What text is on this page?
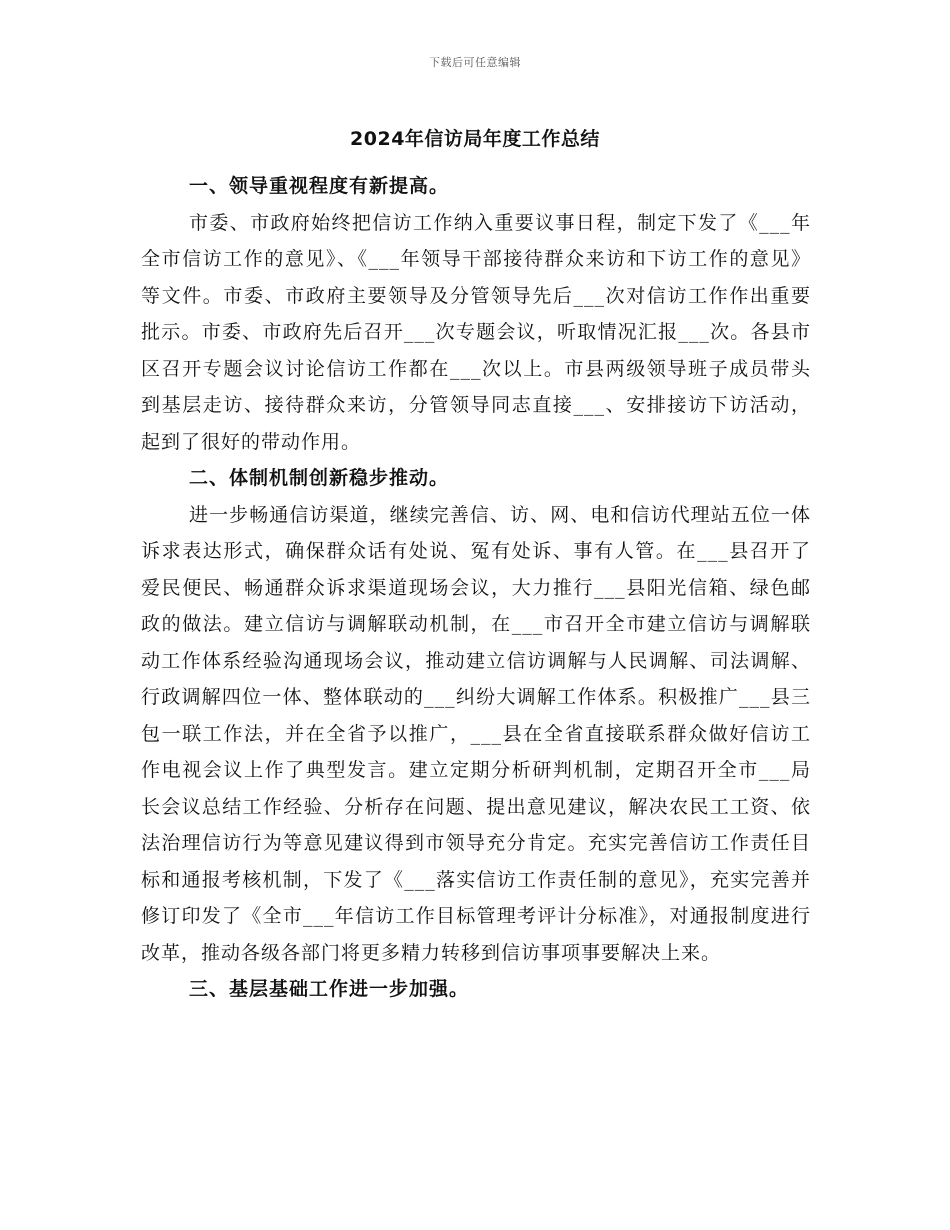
下载后可任意编辑
2024年信访局年度工作总结

一、领导重视程度有新提高。

市委、市政府始终把信访工作纳入重要议事日程，制定下发了《___年全市信访工作的意见》、《___年领导干部接待群众来访和下访工作的意见》等文件。市委、市政府主要领导及分管领导先后___次对信访工作作出重要批示。市委、市政府先后召开___次专题会议，听取情况汇报___次。各县市区召开专题会议讨论信访工作都在___次以上。市县两级领导班子成员带头到基层走访、接待群众来访，分管领导同志直接___、安排接访下访活动，起到了很好的带动作用。

二、体制机制创新稳步推动。

进一步畅通信访渠道，继续完善信、访、网、电和信访代理站五位一体诉求表达形式，确保群众话有处说、冤有处诉、事有人管。在___县召开了爱民便民、畅通群众诉求渠道现场会议，大力推行___县阳光信箱、绿色邮政的做法。建立信访与调解联动机制，在___市召开全市建立信访与调解联动工作体系经验沟通现场会议，推动建立信访调解与人民调解、司法调解、行政调解四位一体、整体联动的___纠纷大调解工作体系。积极推广___县三包一联工作法，并在全省予以推广，___县在全省直接联系群众做好信访工作电视会议上作了典型发言。建立定期分析研判机制，定期召开全市___局长会议总结工作经验、分析存在问题、提出意见建议，解决农民工工资、依法治理信访行为等意见建议得到市领导充分肯定。充实完善信访工作责任目标和通报考核机制，下发了《___落实信访工作责任制的意见》，充实完善并修订印发了《全市___年信访工作目标管理考评计分标准》，对通报制度进行改革，推动各级各部门将更多精力转移到信访事项事要解决上来。

三、基层基础工作进一步加强。
